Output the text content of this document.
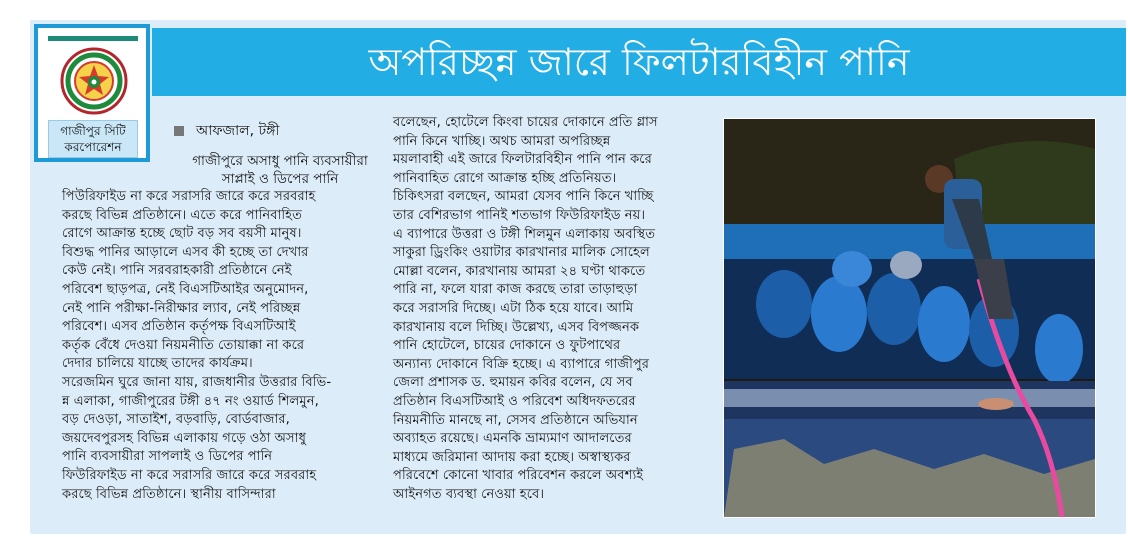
গাজীপুর সিটি
করপোরেশন
অপরিচ্ছন্ন জারে ফিলটারবিহীন পানি
আফজাল, টঙ্গী
গাজীপুরে অসাধু পানি ব্যবসায়ীরা
সাপ্লাই ও ডিপের পানি
পিউরিফাইড না করে সরাসরি জারে করে সরবরাহ
করছে বিভিন্ন প্রতিষ্ঠানে। এতে করে পানিবাহিত
রোগে আক্রান্ত হচ্ছে ছোট বড় সব বয়সী মানুষ।
বিশুদ্ধ পানির আড়ালে এসব কী হচ্ছে তা দেখার
কেউ নেই। পানি সরবরাহকারী প্রতিষ্ঠানে নেই
পরিবেশ ছাড়পত্র, নেই বিএসটিআইর অনুমোদন,
নেই পানি পরীক্ষা-নিরীক্ষার ল্যাব, নেই পরিচ্ছন্ন
পরিবেশ। এসব প্রতিষ্ঠান কর্তৃপক্ষ বিএসটিআই
কর্তৃক বেঁধে দেওয়া নিয়মনীতি তোয়াক্কা না করে
দেদার চালিয়ে যাচ্ছে তাদের কার্যক্রম।
সরেজমিন ঘুরে জানা যায়, রাজধানীর উত্তরার বিভি-
ন্ন এলাকা, গাজীপুরের টঙ্গী ৪৭ নং ওয়ার্ড শিলমুন,
বড় দেওড়া, সাতাইশ, বড়বাড়ি, বোর্ডবাজার,
জয়দেবপুরসহ বিভিন্ন এলাকায় গড়ে ওঠা অসাধু
পানি ব্যবসায়ীরা সাপলাই ও ডিপের পানি
ফিউরিফাইড না করে সরাসরি জারে করে সরবরাহ
করছে বিভিন্ন প্রতিষ্ঠানে। স্থানীয় বাসিন্দারা
বলেছেন, হোটেলে কিংবা চায়ের দোকানে প্রতি গ্লাস
পানি কিনে খাচ্ছি। অথচ আমরা অপরিচ্ছন্ন
ময়লাবাহী এই জারে ফিলটারবিহীন পানি পান করে
পানিবাহিত রোগে আক্রান্ত হচ্ছি প্রতিনিয়ত।
চিকিৎসরা বলছেন, আমরা যেসব পানি কিনে খাচ্ছি
তার বেশিরভাগ পানিই শতভাগ ফিউরিফাইড নয়।
এ ব্যাপারে উত্তরা ও টঙ্গী শিলমুন এলাকায় অবস্থিত
সাকুরা ড্রিংকিং ওয়াটার কারখানার মালিক সোহেল
মোল্লা বলেন, কারখানায় আমরা ২৪ ঘণ্টা থাকতে
পারি না, ফলে যারা কাজ করছে তারা তাড়াহুড়া
করে সরাসরি দিচ্ছে। এটা ঠিক হয়ে যাবে। আমি
কারখানায় বলে দিচ্ছি। উল্লেখ্য, এসব বিপজ্জনক
পানি হোটেলে, চায়ের দোকানে ও ফুটপাথের
অন্যান্য দোকানে বিক্রি হচ্ছে। এ ব্যাপারে গাজীপুর
জেলা প্রশাসক ড. হুমায়ন কবির বলেন, যে সব
প্রতিষ্ঠান বিএসটিআই ও পরিবেশ অধিদফতরের
নিয়মনীতি মানছে না, সেসব প্রতিষ্ঠানে অভিযান
অব্যাহত রয়েছে। এমনকি ভ্রাম্যমাণ আদালতের
মাধ্যমে জরিমানা আদায় করা হচ্ছে। অস্বাস্থ্যকর
পরিবেশে কোনো খাবার পরিবেশন করলে অবশ্যই
আইনগত ব্যবস্থা নেওয়া হবে।
